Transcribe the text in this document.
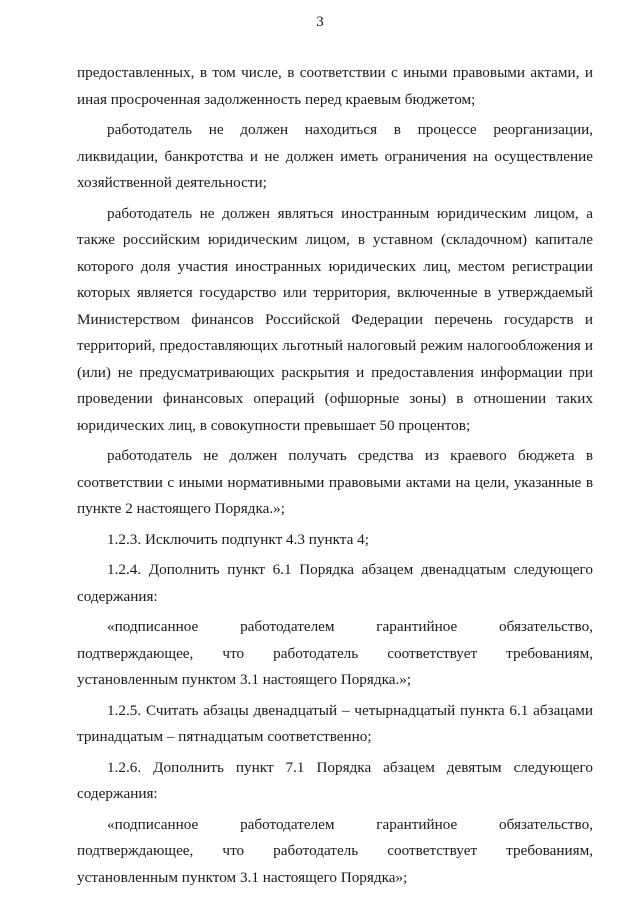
3

предоставленных, в том числе, в соответствии с иными правовыми актами, и иная просроченная задолженность перед краевым бюджетом;

работодатель не должен находиться в процессе реорганизации, ликвидации, банкротства и не должен иметь ограничения на осуществление хозяйственной деятельности;

работодатель не должен являться иностранным юридическим лицом, а также российским юридическим лицом, в уставном (складочном) капитале которого доля участия иностранных юридических лиц, местом регистрации которых является государство или территория, включенные в утверждаемый Министерством финансов Российской Федерации перечень государств и территорий, предоставляющих льготный налоговый режим налогообложения и (или) не предусматривающих раскрытия и предоставления информации при проведении финансовых операций (офшорные зоны) в отношении таких юридических лиц, в совокупности превышает 50 процентов;

работодатель не должен получать средства из краевого бюджета в соответствии с иными нормативными правовыми актами на цели, указанные в пункте 2 настоящего Порядка.»;

1.2.3. Исключить подпункт 4.3 пункта 4;

1.2.4. Дополнить пункт 6.1 Порядка абзацем двенадцатым следующего содержания:

«подписанное работодателем гарантийное обязательство, подтверждающее, что работодатель соответствует требованиям, установленным пунктом 3.1 настоящего Порядка.»;

1.2.5. Считать абзацы двенадцатый – четырнадцатый пункта 6.1 абзацами тринадцатым – пятнадцатым соответственно;

1.2.6. Дополнить пункт 7.1 Порядка абзацем девятым следующего содержания:

«подписанное работодателем гарантийное обязательство, подтверждающее, что работодатель соответствует требованиям, установленным пунктом 3.1 настоящего Порядка»;
